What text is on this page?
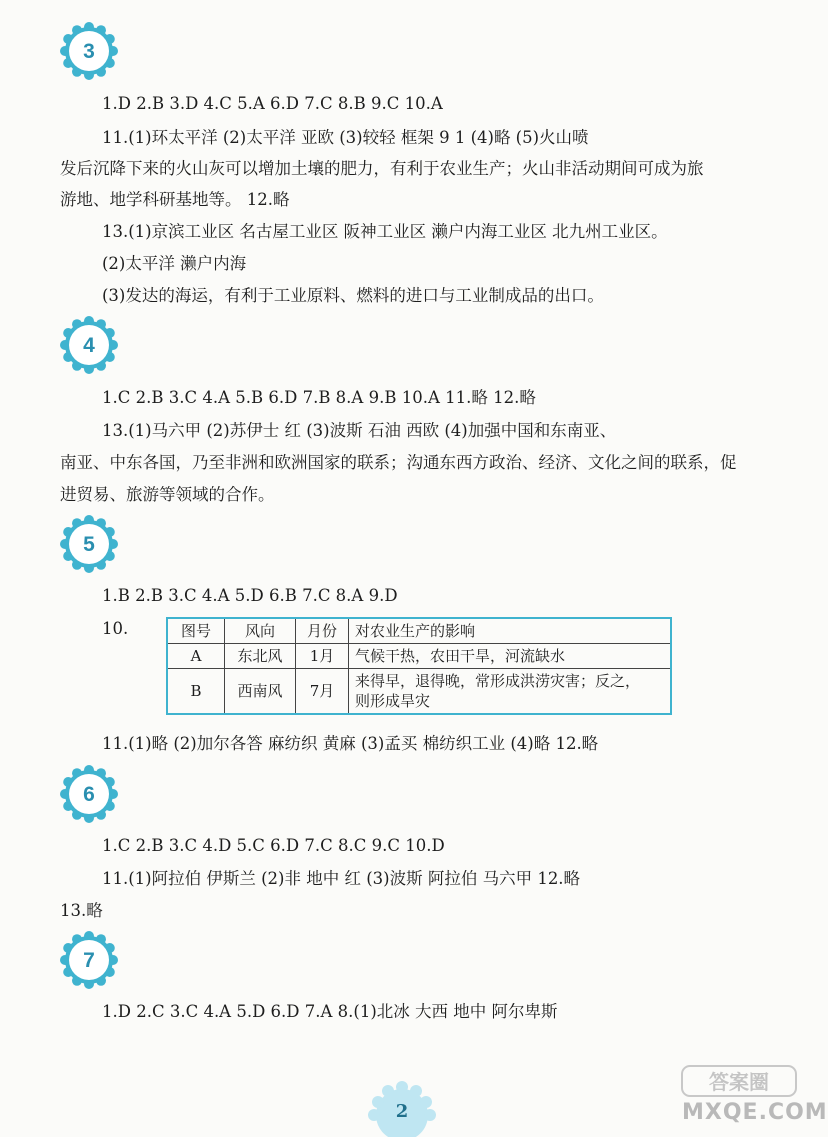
3
1.D 2.B 3.D 4.C 5.A 6.D 7.C 8.B 9.C 10.A
11.(1)环太平洋 (2)太平洋 亚欧 (3)较轻 框架 9 1 (4)略 (5)火山喷
发后沉降下来的火山灰可以增加土壤的肥力，有利于农业生产；火山非活动期间可成为旅
游地、地学科研基地等。 12.略
13.(1)京滨工业区 名古屋工业区 阪神工业区 濑户内海工业区 北九州工业区。
(2)太平洋 濑户内海
(3)发达的海运，有利于工业原料、燃料的进口与工业制成品的出口。
4
1.C 2.B 3.C 4.A 5.B 6.D 7.B 8.A 9.B 10.A 11.略 12.略
13.(1)马六甲 (2)苏伊士 红 (3)波斯 石油 西欧 (4)加强中国和东南亚、
南亚、中东各国，乃至非洲和欧洲国家的联系；沟通东西方政治、经济、文化之间的联系，促
进贸易、旅游等领域的合作。
5
1.B 2.B 3.C 4.A 5.D 6.B 7.C 8.A 9.D
10.	图号	风向	月份	对农业生产的影响
A	东北风	1月	气候干热，农田干旱，河流缺水
B	西南风	7月	来得早，退得晚，常形成洪涝灾害；反之，
则形成旱灾
11.(1)略 (2)加尔各答 麻纺织 黄麻 (3)孟买 棉纺织工业 (4)略 12.略
6
1.C 2.B 3.C 4.D 5.C 6.D 7.C 8.C 9.C 10.D
11.(1)阿拉伯 伊斯兰 (2)非 地中 红 (3)波斯 阿拉伯 马六甲 12.略
13.略
7
1.D 2.C 3.C 4.A 5.D 6.D 7.A 8.(1)北冰 大西 地中 阿尔卑斯
2
答案圈
MXQE.COM
